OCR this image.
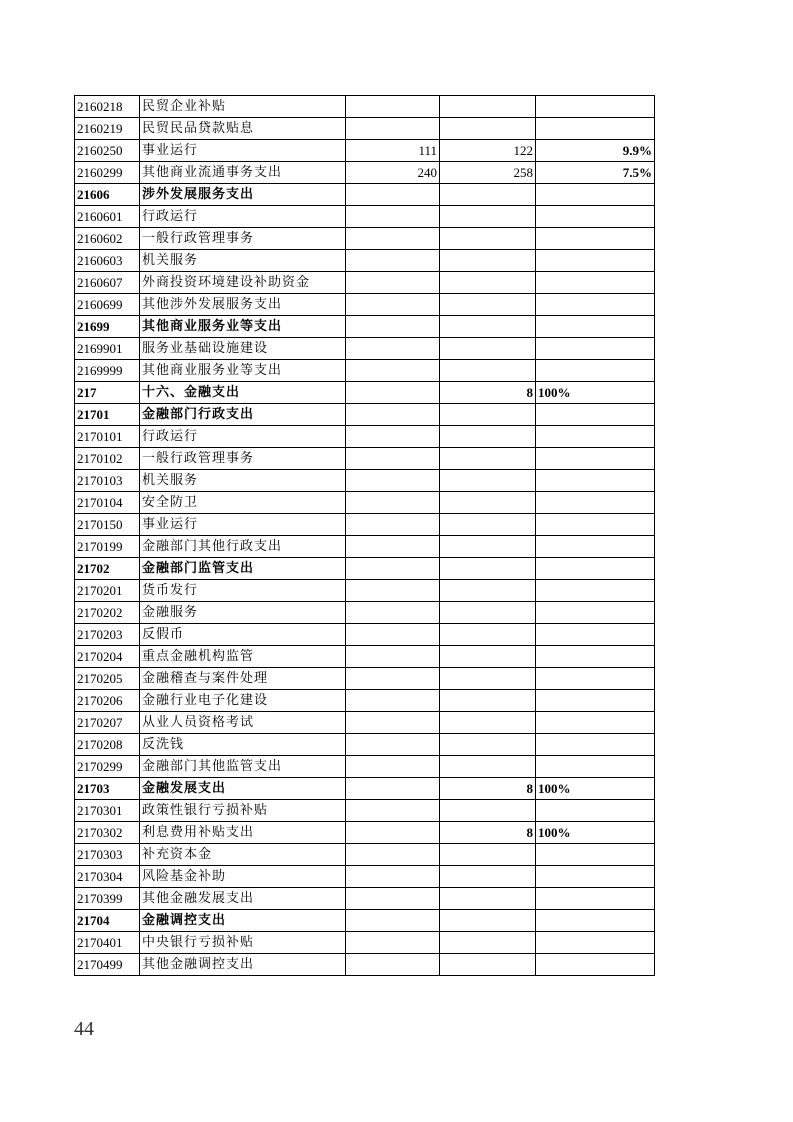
2160218	民贸企业补贴			
2160219	民贸民品贷款贴息			
2160250	事业运行	111	122	9.9%
2160299	其他商业流通事务支出	240	258	7.5%
21606	涉外发展服务支出			
2160601	行政运行			
2160602	一般行政管理事务			
2160603	机关服务			
2160607	外商投资环境建设补助资金			
2160699	其他涉外发展服务支出			
21699	其他商业服务业等支出			
2169901	服务业基础设施建设			
2169999	其他商业服务业等支出			
217	十六、金融支出		8	100%
21701	金融部门行政支出			
2170101	行政运行			
2170102	一般行政管理事务			
2170103	机关服务			
2170104	安全防卫			
2170150	事业运行			
2170199	金融部门其他行政支出			
21702	金融部门监管支出			
2170201	货币发行			
2170202	金融服务			
2170203	反假币			
2170204	重点金融机构监管			
2170205	金融稽查与案件处理			
2170206	金融行业电子化建设			
2170207	从业人员资格考试			
2170208	反洗钱			
2170299	金融部门其他监管支出			
21703	金融发展支出		8	100%
2170301	政策性银行亏损补贴			
2170302	利息费用补贴支出		8	100%
2170303	补充资本金			
2170304	风险基金补助			
2170399	其他金融发展支出			
21704	金融调控支出			
2170401	中央银行亏损补贴			
2170499	其他金融调控支出			
44
